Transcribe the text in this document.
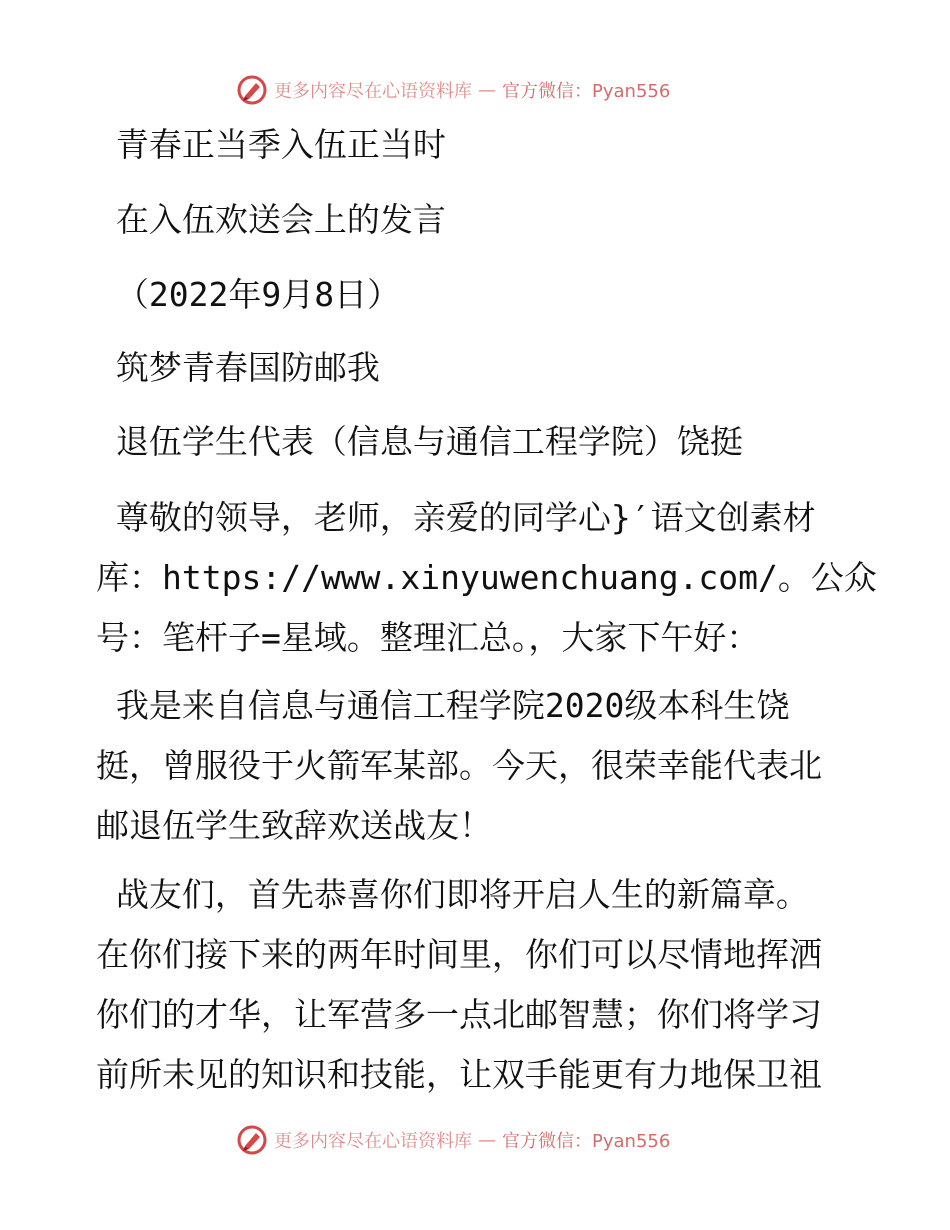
更多内容尽在心语资料库 — 官方微信：Pyan556
青春正当季入伍正当时
在入伍欢送会上的发言
（2022年9月8日）
筑梦青春国防邮我
退伍学生代表（信息与通信工程学院）饶挺
尊敬的领导，老师，亲爱的同学心}′语文创素材
库：https://www.xinyuwenchuang.com/。公众
号：笔杆子=星域。整理汇总。，大家下午好：
我是来自信息与通信工程学院2020级本科生饶
挺，曾服役于火箭军某部。今天，很荣幸能代表北
邮退伍学生致辞欢送战友！
战友们，首先恭喜你们即将开启人生的新篇章。
在你们接下来的两年时间里，你们可以尽情地挥洒
你们的才华，让军营多一点北邮智慧；你们将学习
前所未见的知识和技能，让双手能更有力地保卫祖
更多内容尽在心语资料库 — 官方微信：Pyan556
